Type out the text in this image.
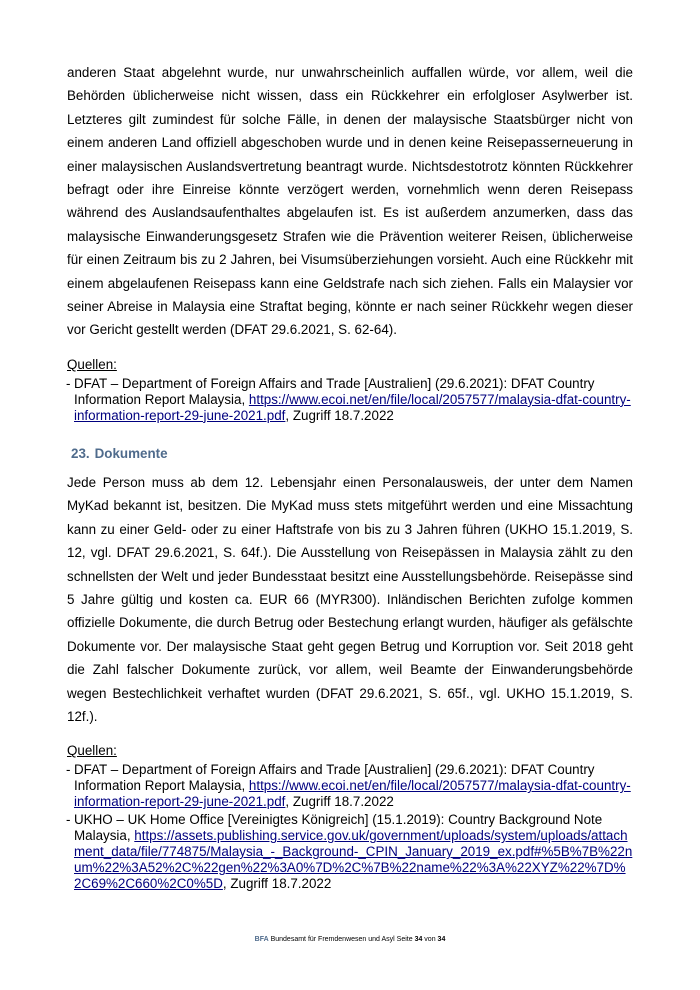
anderen Staat abgelehnt wurde, nur unwahrscheinlich auffallen würde, vor allem, weil die Behörden üblicherweise nicht wissen, dass ein Rückkehrer ein erfolgloser Asylwerber ist. Letzteres gilt zumindest für solche Fälle, in denen der malaysische Staatsbürger nicht von einem anderen Land offiziell abgeschoben wurde und in denen keine Reisepasserneuerung in einer malaysischen Auslandsvertretung beantragt wurde. Nichtsdestotrotz könnten Rückkehrer befragt oder ihre Einreise könnte verzögert werden, vornehmlich wenn deren Reisepass während des Auslandsaufenthaltes abgelaufen ist. Es ist außerdem anzumerken, dass das malaysische Einwanderungsgesetz Strafen wie die Prävention weiterer Reisen, üblicherweise für einen Zeitraum bis zu 2 Jahren, bei Visumsüberziehungen vorsieht. Auch eine Rückkehr mit einem abgelaufenen Reisepass kann eine Geldstrafe nach sich ziehen. Falls ein Malaysier vor seiner Abreise in Malaysia eine Straftat beging, könnte er nach seiner Rückkehr wegen dieser vor Gericht gestellt werden (DFAT 29.6.2021, S. 62-64).

Quellen:
- DFAT – Department of Foreign Affairs and Trade [Australien] (29.6.2021): DFAT Country Information Report Malaysia, https://www.ecoi.net/en/file/local/2057577/malaysia-dfat-country-information-report-29-june-2021.pdf, Zugriff 18.7.2022
23. Dokumente

Jede Person muss ab dem 12. Lebensjahr einen Personalausweis, der unter dem Namen MyKad bekannt ist, besitzen. Die MyKad muss stets mitgeführt werden und eine Missachtung kann zu einer Geld- oder zu einer Haftstrafe von bis zu 3 Jahren führen (UKHO 15.1.2019, S. 12, vgl. DFAT 29.6.2021, S. 64f.). Die Ausstellung von Reisepässen in Malaysia zählt zu den schnellsten der Welt und jeder Bundesstaat besitzt eine Ausstellungsbehörde. Reisepässe sind 5 Jahre gültig und kosten ca. EUR 66 (MYR300). Inländischen Berichten zufolge kommen offizielle Dokumente, die durch Betrug oder Bestechung erlangt wurden, häufiger als gefälschte Dokumente vor. Der malaysische Staat geht gegen Betrug und Korruption vor. Seit 2018 geht die Zahl falscher Dokumente zurück, vor allem, weil Beamte der Einwanderungsbehörde wegen Bestechlichkeit verhaftet wurden (DFAT 29.6.2021, S. 65f., vgl. UKHO 15.1.2019, S. 12f.).

Quellen:
- DFAT – Department of Foreign Affairs and Trade [Australien] (29.6.2021): DFAT Country Information Report Malaysia, https://www.ecoi.net/en/file/local/2057577/malaysia-dfat-country-information-report-29-june-2021.pdf, Zugriff 18.7.2022
- UKHO – UK Home Office [Vereinigtes Königreich] (15.1.2019): Country Background Note Malaysia, https://assets.publishing.service.gov.uk/government/uploads/system/uploads/attachment_data/file/774875/Malaysia_-_Background-_CPIN_January_2019_ex.pdf#%5B%7B%22num%22%3A52%2C%22gen%22%3A0%7D%2C%7B%22name%22%3A%22XYZ%22%7D%2C69%2C660%2C0%5D, Zugriff 18.7.2022
BFA Bundesamt für Fremdenwesen und Asyl Seite 34 von 34
